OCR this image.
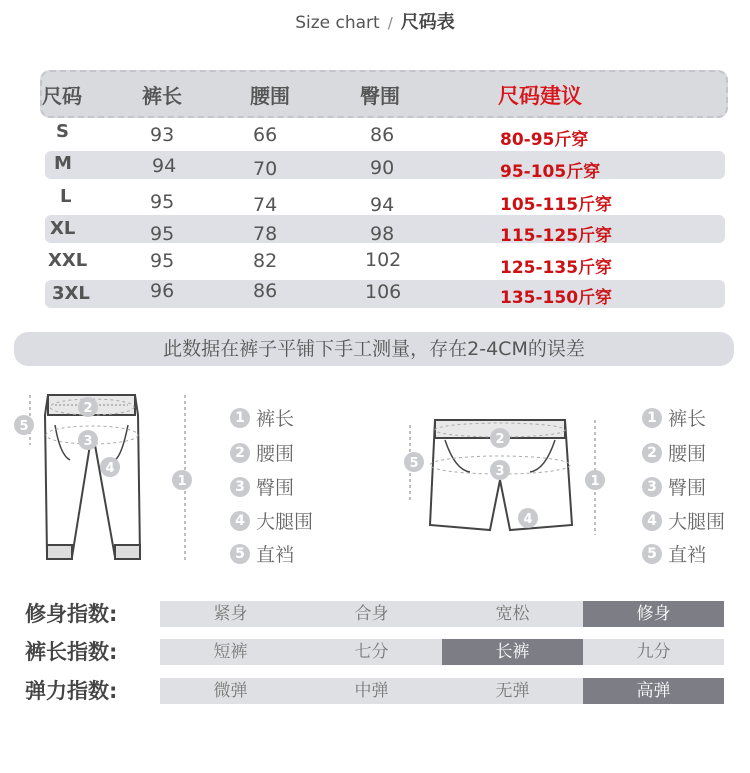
Size chart / 尺码表
尺码	裤长	腰围	臀围	尺码建议
S	93	66	86	80-95斤穿
M	94	70	90	95-105斤穿
L	95	74	94	105-115斤穿
XL	95	78	98	115-125斤穿
XXL	95	82	102	125-135斤穿
3XL	96	86	106	135-150斤穿
此数据在裤子平铺下手工测量，存在2-4CM的误差
5
2
3
4
1
1 裤长
2 腰围
3 臀围
4 大腿围
5 直裆
5
2
3
4
1
1 裤长
2 腰围
3 臀围
4 大腿围
5 直裆
修身指数:	紧身	合身	宽松	修身
裤长指数:	短裤	七分	长裤	九分
弹力指数:	微弹	中弹	无弹	高弹
